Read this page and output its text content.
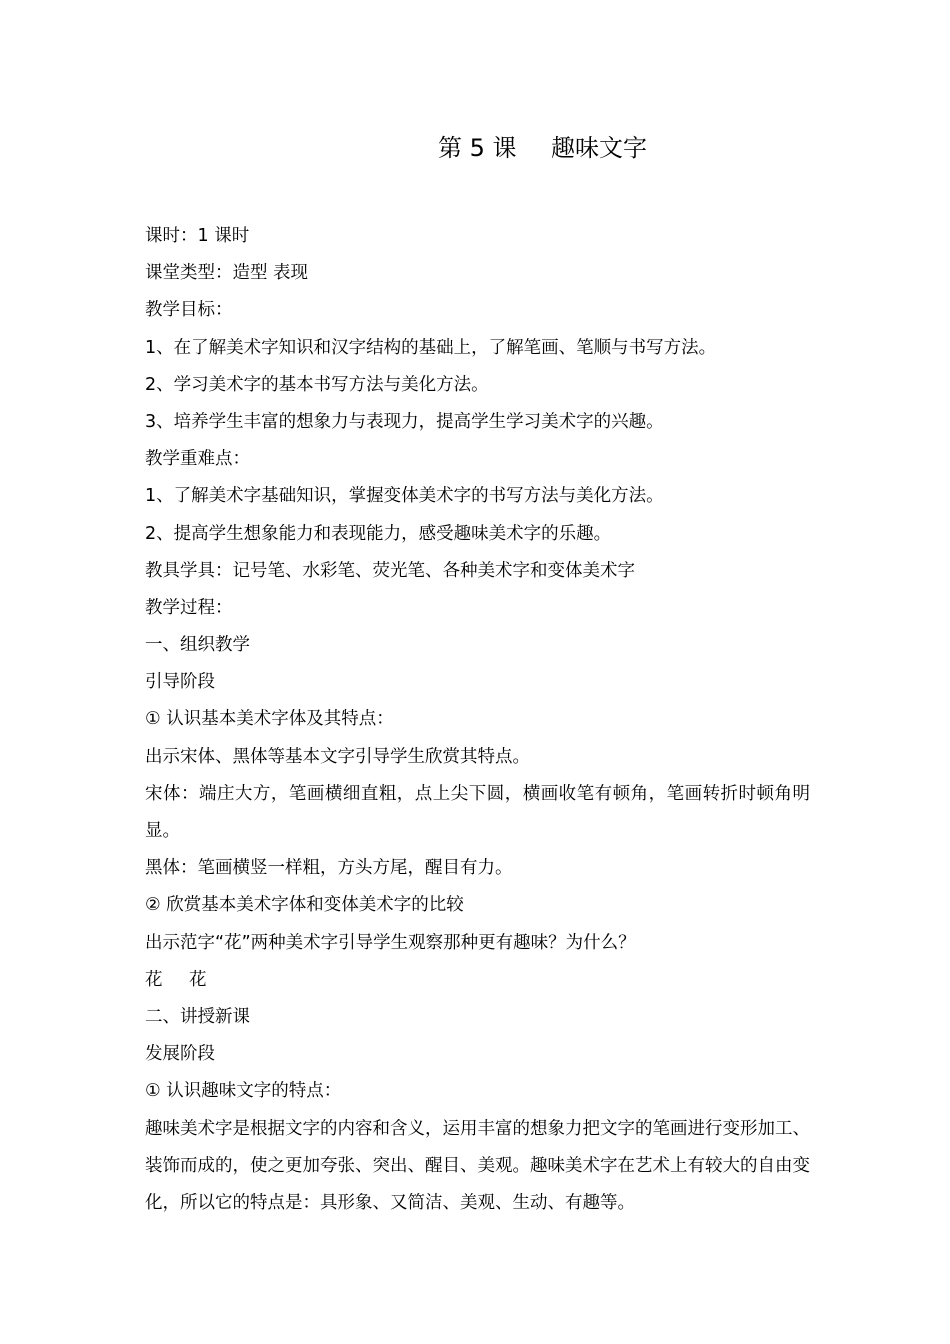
第 5 课 趣味文字
课时：1 课时
课堂类型：造型 表现
教学目标：
1、在了解美术字知识和汉字结构的基础上，了解笔画、笔顺与书写方法。
2、学习美术字的基本书写方法与美化方法。
3、培养学生丰富的想象力与表现力，提高学生学习美术字的兴趣。
教学重难点：
1、了解美术字基础知识，掌握变体美术字的书写方法与美化方法。
2、提高学生想象能力和表现能力，感受趣味美术字的乐趣。
教具学具：记号笔、水彩笔、荧光笔、各种美术字和变体美术字
教学过程：
一、组织教学
引导阶段
① 认识基本美术字体及其特点：
出示宋体、黑体等基本文字引导学生欣赏其特点。
宋体：端庄大方，笔画横细直粗，点上尖下圆，横画收笔有顿角，笔画转折时顿角明显。
黑体：笔画横竖一样粗，方头方尾，醒目有力。
② 欣赏基本美术字体和变体美术字的比较
出示范字“花”两种美术字引导学生观察那种更有趣味？为什么？
花 花
二、讲授新课
发展阶段
① 认识趣味文字的特点：
趣味美术字是根据文字的内容和含义，运用丰富的想象力把文字的笔画进行变形加工、装饰而成的，使之更加夸张、突出、醒目、美观。趣味美术字在艺术上有较大的自由变化，所以它的特点是：具形象、又简洁、美观、生动、有趣等。
